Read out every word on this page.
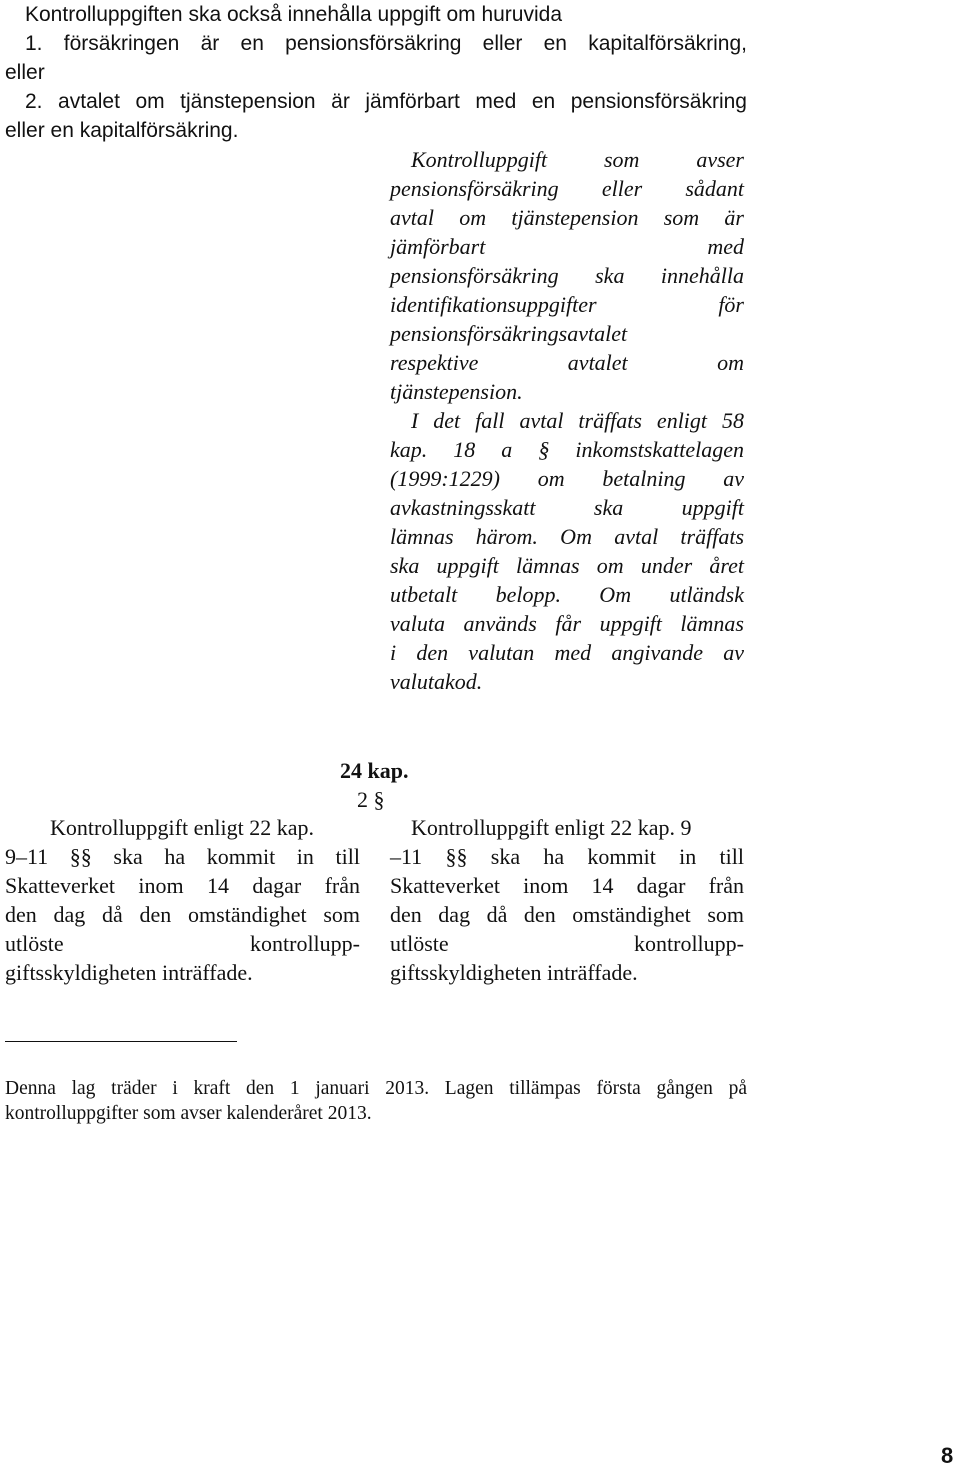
Kontrolluppgiften ska också innehålla uppgift om huruvida
1. försäkringen är en pensionsförsäkring eller en kapitalförsäkring,
eller
2. avtalet om tjänstepension är jämförbart med en pensionsförsäkring
eller en kapitalförsäkring.
Kontrolluppgift som avser
pensionsförsäkring eller sådant
avtal om tjänstepension som är
jämförbart med
pensionsförsäkring ska innehålla
identifikationsuppgifter för
pensionsförsäkringsavtalet
respektive avtalet om
tjänstepension.
I det fall avtal träffats enligt 58
kap. 18 a § inkomstskattelagen
(1999:1229) om betalning av
avkastningsskatt ska uppgift
lämnas härom. Om avtal träffats
ska uppgift lämnas om under året
utbetalt belopp. Om utländsk
valuta används får uppgift lämnas
i den valutan med angivande av
valutakod.
24 kap.
2 §
Kontrolluppgift enligt 22 kap.
9–11 §§ ska ha kommit in till
Skatteverket inom 14 dagar från
den dag då den omständighet som
utlöste kontrollupp-
giftsskyldigheten inträffade.
Kontrolluppgift enligt 22 kap. 9
–11 §§ ska ha kommit in till
Skatteverket inom 14 dagar från
den dag då den omständighet som
utlöste kontrollupp-
giftsskyldigheten inträffade.
Denna lag träder i kraft den 1 januari 2013. Lagen tillämpas första gången på
kontrolluppgifter som avser kalenderåret 2013.
8
